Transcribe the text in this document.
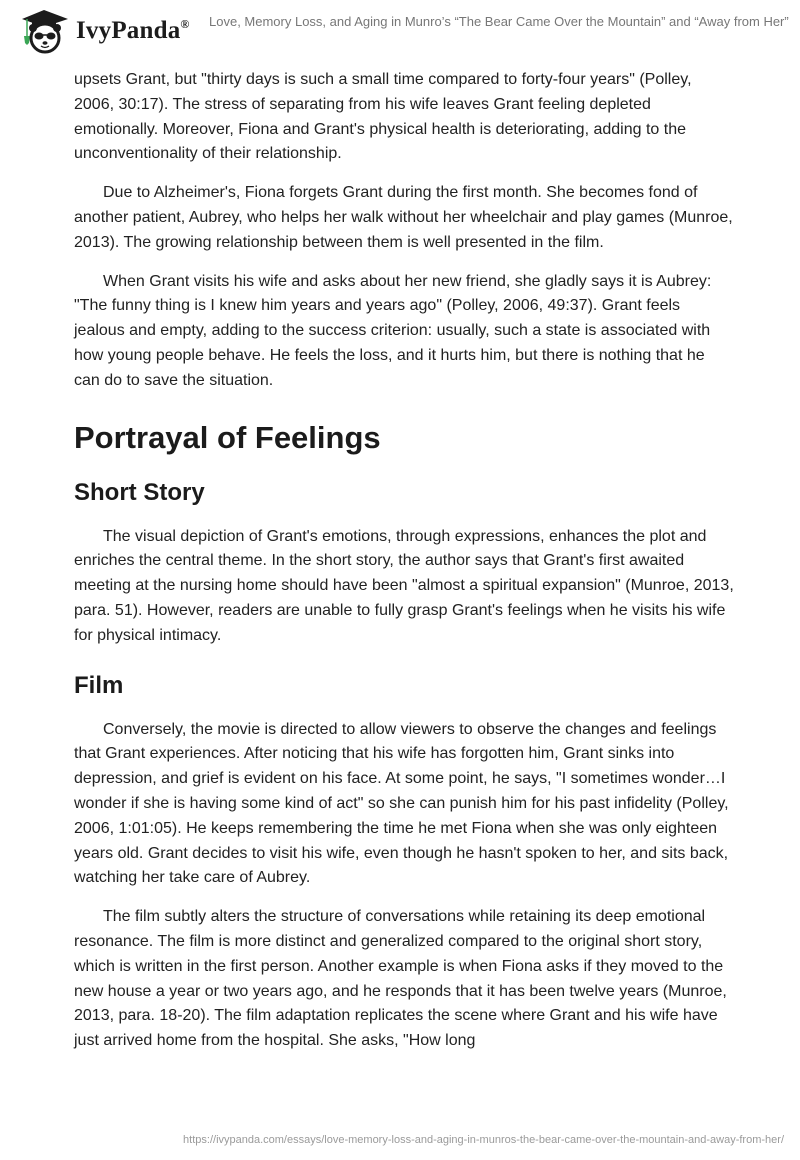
IvyPanda® Love, Memory Loss, and Aging in Munro’s “The Bear Came Over the Mountain” and “Away from Her”

upsets Grant, but "thirty days is such a small time compared to forty-four years" (Polley, 2006, 30:17). The stress of separating from his wife leaves Grant feeling depleted emotionally. Moreover, Fiona and Grant's physical health is deteriorating, adding to the unconventionality of their relationship.

Due to Alzheimer's, Fiona forgets Grant during the first month. She becomes fond of another patient, Aubrey, who helps her walk without her wheelchair and play games (Munroe, 2013). The growing relationship between them is well presented in the film.

When Grant visits his wife and asks about her new friend, she gladly says it is Aubrey: "The funny thing is I knew him years and years ago" (Polley, 2006, 49:37). Grant feels jealous and empty, adding to the success criterion: usually, such a state is associated with how young people behave. He feels the loss, and it hurts him, but there is nothing that he can do to save the situation.

Portrayal of Feelings
Short Story

The visual depiction of Grant's emotions, through expressions, enhances the plot and enriches the central theme. In the short story, the author says that Grant's first awaited meeting at the nursing home should have been "almost a spiritual expansion" (Munroe, 2013, para. 51). However, readers are unable to fully grasp Grant's feelings when he visits his wife for physical intimacy.

Film

Conversely, the movie is directed to allow viewers to observe the changes and feelings that Grant experiences. After noticing that his wife has forgotten him, Grant sinks into depression, and grief is evident on his face. At some point, he says, "I sometimes wonder…I wonder if she is having some kind of act" so she can punish him for his past infidelity (Polley, 2006, 1:01:05). He keeps remembering the time he met Fiona when she was only eighteen years old. Grant decides to visit his wife, even though he hasn't spoken to her, and sits back, watching her take care of Aubrey.

The film subtly alters the structure of conversations while retaining its deep emotional resonance. The film is more distinct and generalized compared to the original short story, which is written in the first person. Another example is when Fiona asks if they moved to the new house a year or two years ago, and he responds that it has been twelve years (Munroe, 2013, para. 18-20). The film adaptation replicates the scene where Grant and his wife have just arrived home from the hospital. She asks, "How long

https://ivypanda.com/essays/love-memory-loss-and-aging-in-munros-the-bear-came-over-the-mountain-and-away-from-her/
